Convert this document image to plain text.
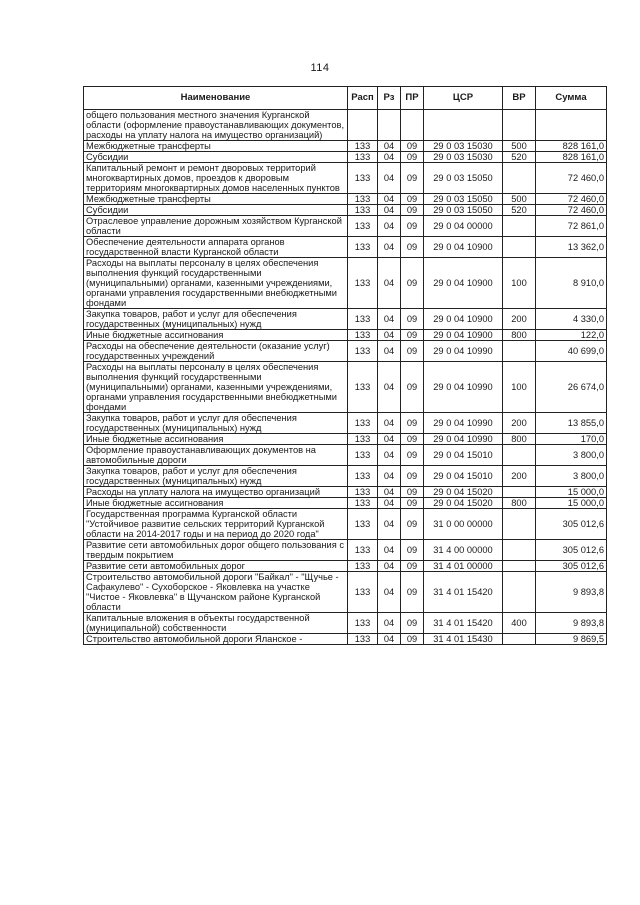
114
Наименование	Расп	Рз	ПР	ЦСР	ВР	Сумма
общего пользования местного значения Курганской области (оформление правоустанавливающих документов, расходы на уплату налога на имущество организаций)						
Межбюджетные трансферты	133	04	09	29 0 03 15030	500	828 161,0
Субсидии	133	04	09	29 0 03 15030	520	828 161,0
Капитальный ремонт и ремонт дворовых территорий многоквартирных домов, проездов к дворовым территориям многоквартирных домов населенных пунктов	133	04	09	29 0 03 15050		72 460,0
Межбюджетные трансферты	133	04	09	29 0 03 15050	500	72 460,0
Субсидии	133	04	09	29 0 03 15050	520	72 460,0
Отраслевое управление дорожным хозяйством Курганской области	133	04	09	29 0 04 00000		72 861,0
Обеспечение деятельности аппарата органов государственной власти Курганской области	133	04	09	29 0 04 10900		13 362,0
Расходы на выплаты персоналу в целях обеспечения выполнения функций государственными (муниципальными) органами, казенными учреждениями, органами управления государственными внебюджетными фондами	133	04	09	29 0 04 10900	100	8 910,0
Закупка товаров, работ и услуг для обеспечения государственных (муниципальных) нужд	133	04	09	29 0 04 10900	200	4 330,0
Иные бюджетные ассигнования	133	04	09	29 0 04 10900	800	122,0
Расходы на обеспечение деятельности (оказание услуг) государственных учреждений	133	04	09	29 0 04 10990		40 699,0
Расходы на выплаты персоналу в целях обеспечения выполнения функций государственными (муниципальными) органами, казенными учреждениями, органами управления государственными внебюджетными фондами	133	04	09	29 0 04 10990	100	26 674,0
Закупка товаров, работ и услуг для обеспечения государственных (муниципальных) нужд	133	04	09	29 0 04 10990	200	13 855,0
Иные бюджетные ассигнования	133	04	09	29 0 04 10990	800	170,0
Оформление правоустанавливающих документов на автомобильные дороги	133	04	09	29 0 04 15010		3 800,0
Закупка товаров, работ и услуг для обеспечения государственных (муниципальных) нужд	133	04	09	29 0 04 15010	200	3 800,0
Расходы на уплату налога на имущество организаций	133	04	09	29 0 04 15020		15 000,0
Иные бюджетные ассигнования	133	04	09	29 0 04 15020	800	15 000,0
Государственная программа Курганской области "Устойчивое развитие сельских территорий Курганской области на 2014-2017 годы и на период до 2020 года"	133	04	09	31 0 00 00000		305 012,6
Развитие сети автомобильных дорог общего пользования с твердым покрытием	133	04	09	31 4 00 00000		305 012,6
Развитие сети автомобильных дорог	133	04	09	31 4 01 00000		305 012,6
Строительство автомобильной дороги "Байкал" - "Щучье - Сафакулево" - Сухоборское - Яковлевка на участке "Чистое - Яковлевка" в Щучанском районе Курганской области	133	04	09	31 4 01 15420		9 893,8
Капитальные вложения в объекты государственной (муниципальной) собственности	133	04	09	31 4 01 15420	400	9 893,8
Строительство автомобильной дороги Яланское -	133	04	09	31 4 01 15430		9 869,5
